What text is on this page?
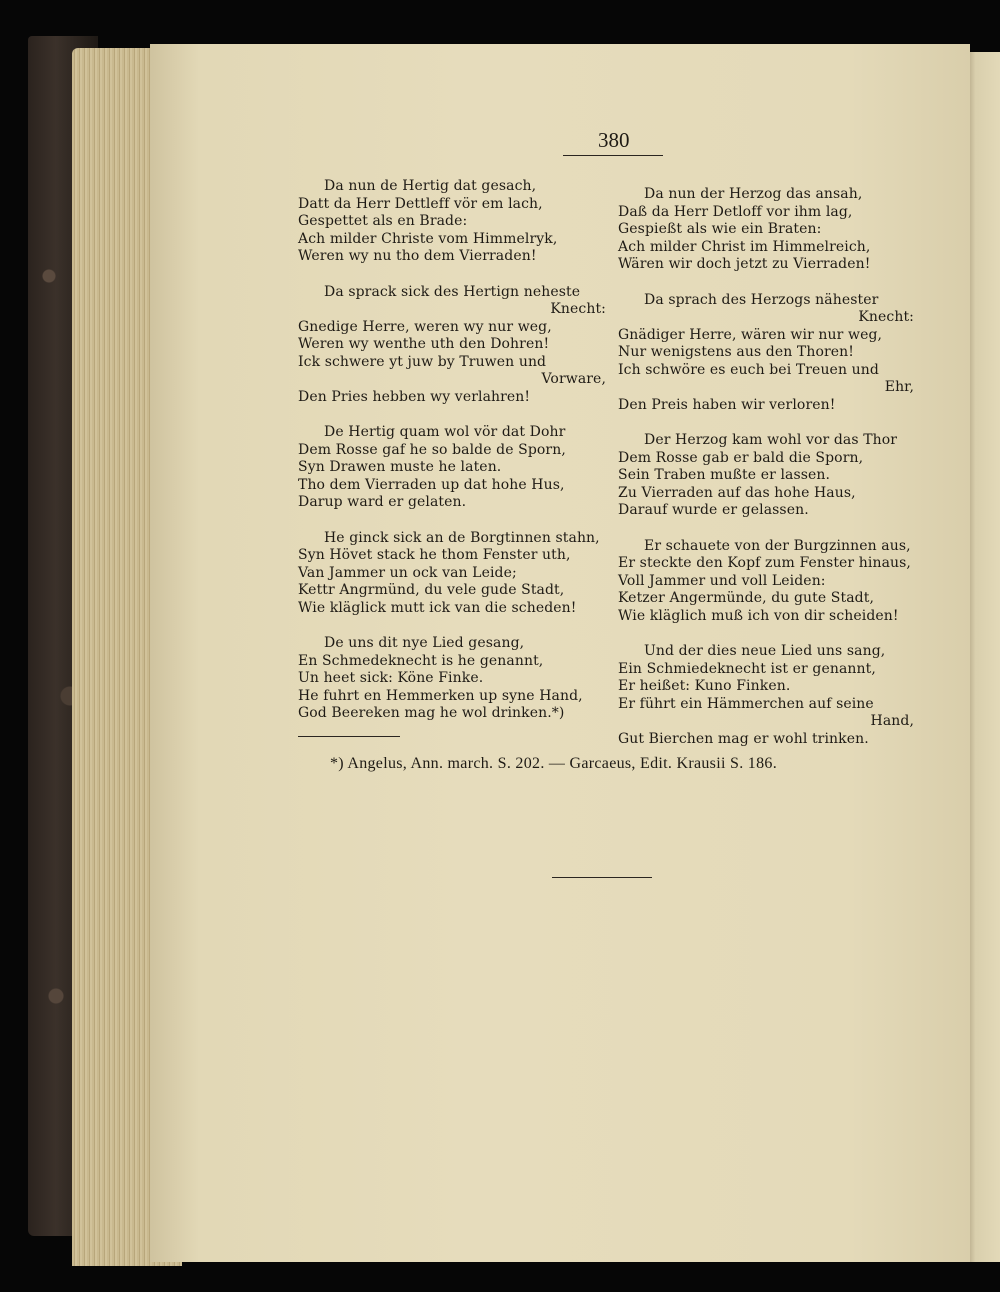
380
Da nun de Hertig dat gesach,
Datt da Herr Dettleff vör em lach,
Gespettet als en Brade:
Ach milder Christe vom Himmelryk,
Weren wy nu tho dem Vierraden!
Da sprack sick des Hertign neheste
Knecht:
Gnedige Herre, weren wy nur weg,
Weren wy wenthe uth den Dohren!
Ick schwere yt juw by Truwen und
Vorware,
Den Pries hebben wy verlahren!
De Hertig quam wol vör dat Dohr
Dem Rosse gaf he so balde de Sporn,
Syn Drawen muste he laten.
Tho dem Vierraden up dat hohe Hus,
Darup ward er gelaten.
He ginck sick an de Borgtinnen stahn,
Syn Hövet stack he thom Fenster uth,
Van Jammer un ock van Leide;
Kettr Angrmünd, du vele gude Stadt,
Wie kläglick mutt ick van die scheden!
De uns dit nye Lied gesang,
En Schmedeknecht is he genannt,
Un heet sick: Köne Finke.
He fuhrt en Hemmerken up syne Hand,
God Beereken mag he wol drinken.*)
Da nun der Herzog das ansah,
Daß da Herr Detloff vor ihm lag,
Gespießt als wie ein Braten:
Ach milder Christ im Himmelreich,
Wären wir doch jetzt zu Vierraden!
Da sprach des Herzogs nähester
Knecht:
Gnädiger Herre, wären wir nur weg,
Nur wenigstens aus den Thoren!
Ich schwöre es euch bei Treuen und
Ehr,
Den Preis haben wir verloren!
Der Herzog kam wohl vor das Thor
Dem Rosse gab er bald die Sporn,
Sein Traben mußte er lassen.
Zu Vierraden auf das hohe Haus,
Darauf wurde er gelassen.
Er schauete von der Burgzinnen aus,
Er steckte den Kopf zum Fenster hinaus,
Voll Jammer und voll Leiden:
Ketzer Angermünde, du gute Stadt,
Wie kläglich muß ich von dir scheiden!
Und der dies neue Lied uns sang,
Ein Schmiedeknecht ist er genannt,
Er heißet: Kuno Finken.
Er führt ein Hämmerchen auf seine
Hand,
Gut Bierchen mag er wohl trinken.
*) Angelus, Ann. march. S. 202. — Garcaeus, Edit. Krausii S. 186.
